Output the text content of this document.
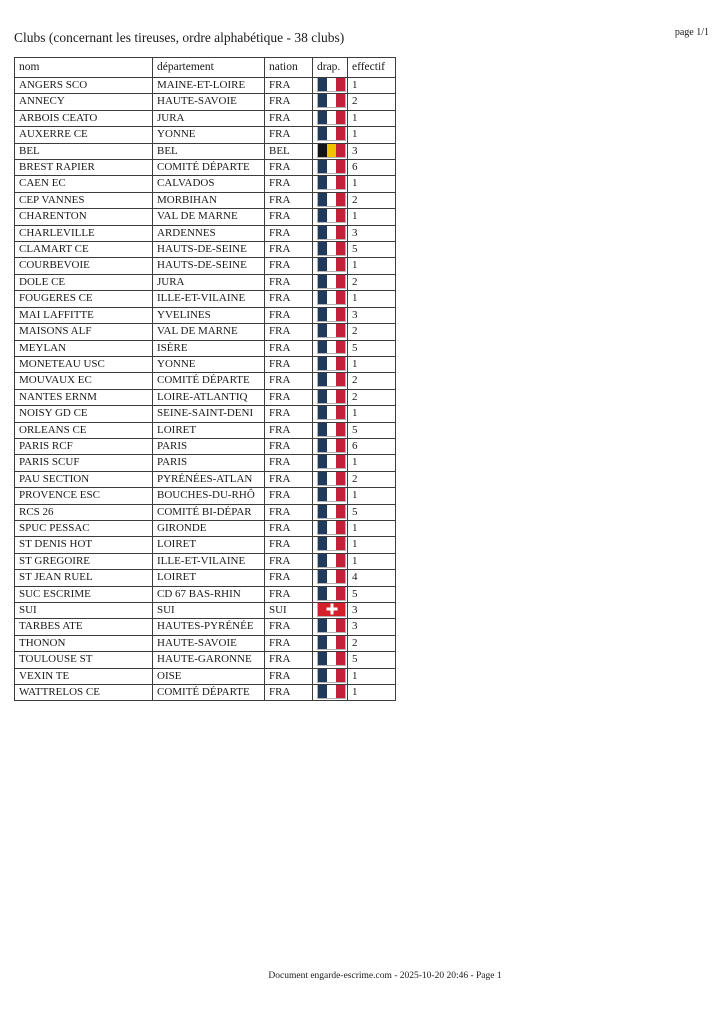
Clubs (concernant les tireuses, ordre alphabétique - 38 clubs)	page 1/1
nom	département	nation	drap.	effectif
ANGERS SCO	MAINE-ET-LOIRE	FRA		1
ANNECY	HAUTE-SAVOIE	FRA		2
ARBOIS CEATO	JURA	FRA		1
AUXERRE CE	YONNE	FRA		1
BEL	BEL	BEL		3
BREST RAPIER	COMITÉ DÉPARTE	FRA		6
CAEN EC	CALVADOS	FRA		1
CEP VANNES	MORBIHAN	FRA		2
CHARENTON	VAL DE MARNE	FRA		1
CHARLEVILLE	ARDENNES	FRA		3
CLAMART CE	HAUTS-DE-SEINE	FRA		5
COURBEVOIE	HAUTS-DE-SEINE	FRA		1
DOLE CE	JURA	FRA		2
FOUGERES CE	ILLE-ET-VILAINE	FRA		1
MAI LAFFITTE	YVELINES	FRA		3
MAISONS ALF	VAL DE MARNE	FRA		2
MEYLAN	ISÈRE	FRA		5
MONETEAU USC	YONNE	FRA		1
MOUVAUX EC	COMITÉ DÉPARTE	FRA		2
NANTES ERNM	LOIRE-ATLANTIQ	FRA		2
NOISY GD CE	SEINE-SAINT-DENI	FRA		1
ORLEANS CE	LOIRET	FRA		5
PARIS RCF	PARIS	FRA		6
PARIS SCUF	PARIS	FRA		1
PAU SECTION	PYRÉNÉES-ATLAN	FRA		2
PROVENCE ESC	BOUCHES-DU-RHÔ	FRA		1
RCS 26	COMITÉ BI-DÉPAR	FRA		5
SPUC PESSAC	GIRONDE	FRA		1
ST DENIS HOT	LOIRET	FRA		1
ST GREGOIRE	ILLE-ET-VILAINE	FRA		1
ST JEAN RUEL	LOIRET	FRA		4
SUC ESCRIME	CD 67 BAS-RHIN	FRA		5
SUI	SUI	SUI		3
TARBES ATE	HAUTES-PYRÉNÉE	FRA		3
THONON	HAUTE-SAVOIE	FRA		2
TOULOUSE ST	HAUTE-GARONNE	FRA		5
VEXIN TE	OISE	FRA		1
WATTRELOS CE	COMITÉ DÉPARTE	FRA		1
Document engarde-escrime.com - 2025-10-20 20:46 - Page 1
